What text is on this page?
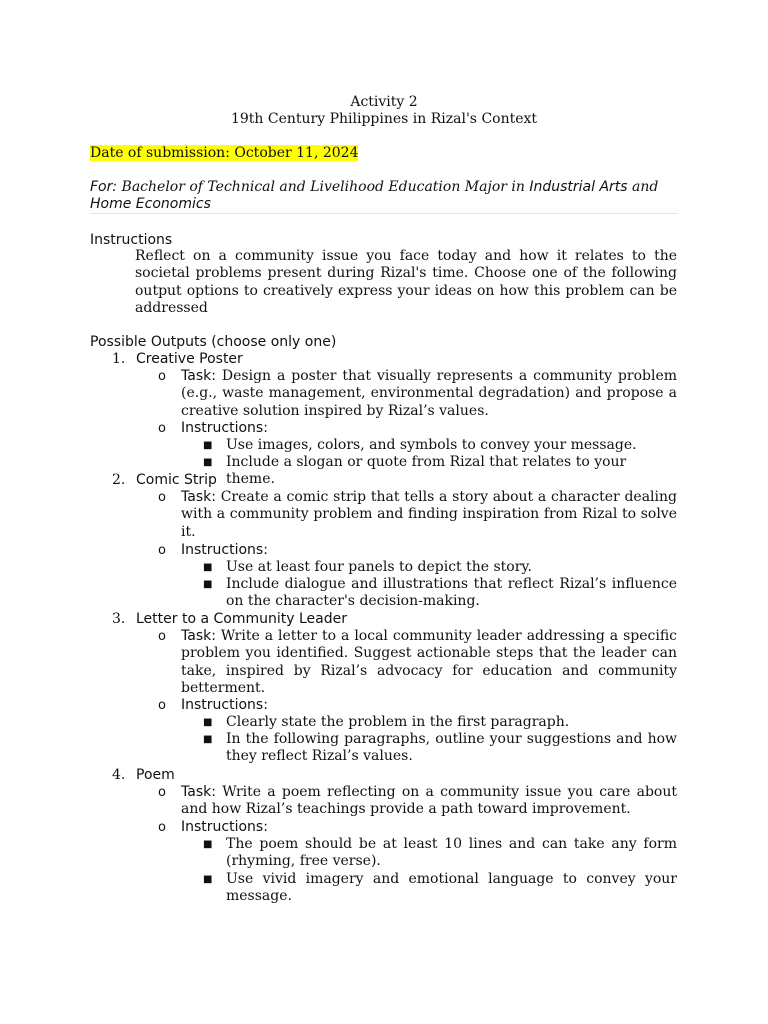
Activity 2
19th Century Philippines in Rizal's Context
Date of submission: October 11, 2024
For: Bachelor of Technical and Livelihood Education Major in Industrial Arts and
Home Economics
Instructions
Reflect on a community issue you face today and how it relates to the societal problems present during Rizal's time. Choose one of the following output options to creatively express your ideas on how this problem can be addressed
Possible Outputs (choose only one)
1. Creative Poster
o Task: Design a poster that visually represents a community problem (e.g., waste management, environmental degradation) and propose a creative solution inspired by Rizal’s values.
o Instructions:
■ Use images, colors, and symbols to convey your message.
■ Include a slogan or quote from Rizal that relates to your theme.
2. Comic Strip
o Task: Create a comic strip that tells a story about a character dealing with a community problem and finding inspiration from Rizal to solve it.
o Instructions:
■ Use at least four panels to depict the story.
■ Include dialogue and illustrations that reflect Rizal’s influence on the character's decision-making.
3. Letter to a Community Leader
o Task: Write a letter to a local community leader addressing a specific problem you identified. Suggest actionable steps that the leader can take, inspired by Rizal’s advocacy for education and community betterment.
o Instructions:
■ Clearly state the problem in the first paragraph.
■ In the following paragraphs, outline your suggestions and how they reflect Rizal’s values.
4. Poem
o Task: Write a poem reflecting on a community issue you care about and how Rizal’s teachings provide a path toward improvement.
o Instructions:
■ The poem should be at least 10 lines and can take any form (rhyming, free verse).
■ Use vivid imagery and emotional language to convey your message.
